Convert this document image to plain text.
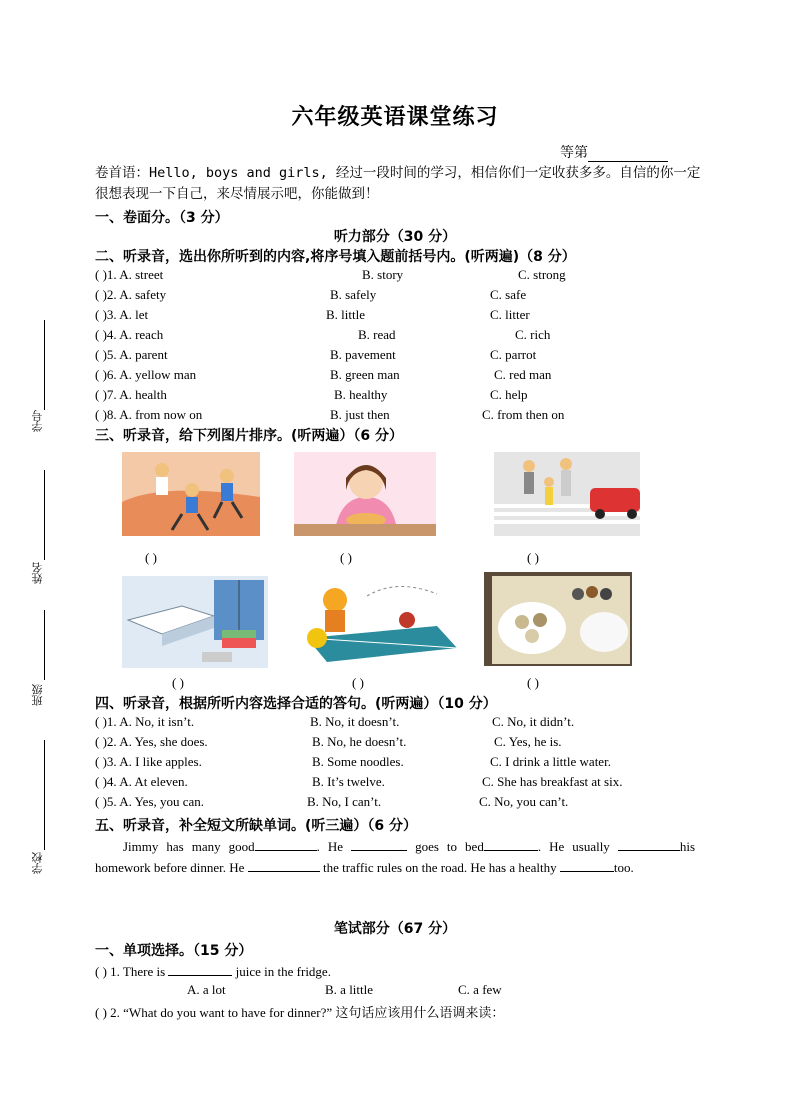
学号
姓名
班级
学校
六年级英语课堂练习
等第
卷首语：Hello, boys and girls, 经过一段时间的学习，相信你们一定收获多多。自信的你一定很想表现一下自己，来尽情展示吧，你能做到！
一、卷面分。（3 分）
听力部分（30 分）
二、听录音，选出你所听到的内容,将序号填入题前括号内。(听两遍)（8 分）
( )1. A. street	B. story	C. strong
( )2. A. safety	B. safely	C. safe
( )3. A. let	B. little	C. litter
( )4. A. reach	B. read	C. rich
( )5. A. parent	B. pavement	C. parrot
( )6. A. yellow man	B. green man	C. red man
( )7. A. health	B. healthy	C. help
( )8. A. from now on	B. just then	C. from then on
三、听录音，给下列图片排序。(听两遍）（6 分）
( )	( )	( )
( )	( )	( )
四、听录音，根据所听内容选择合适的答句。(听两遍）（10 分）
( )1. A. No, it isn’t.	B. No, it doesn’t.	C. No, it didn’t.
( )2. A. Yes, she does.	B. No, he doesn’t.	C. Yes, he is.
( )3. A. I like apples.	B. Some noodles.	C. I drink a little water.
( )4. A. At eleven.	B. It’s twelve.	C. She has breakfast at six.
( )5. A. Yes, you can.	B. No, I can’t.	C. No, you can’t.
五、听录音，补全短文所缺单词。(听三遍）（6 分）
Jimmy has many good	. He	goes to bed	. He usually	his homework before dinner. He	the traffic rules on the road. He has a healthy	too.
笔试部分（67 分）
一、单项选择。（15 分）
( ) 1. There is	juice in the fridge.
A. a lot	B. a little	C. a few
( ) 2. “What do you want to have for dinner?” 这句话应该用什么语调来读：
